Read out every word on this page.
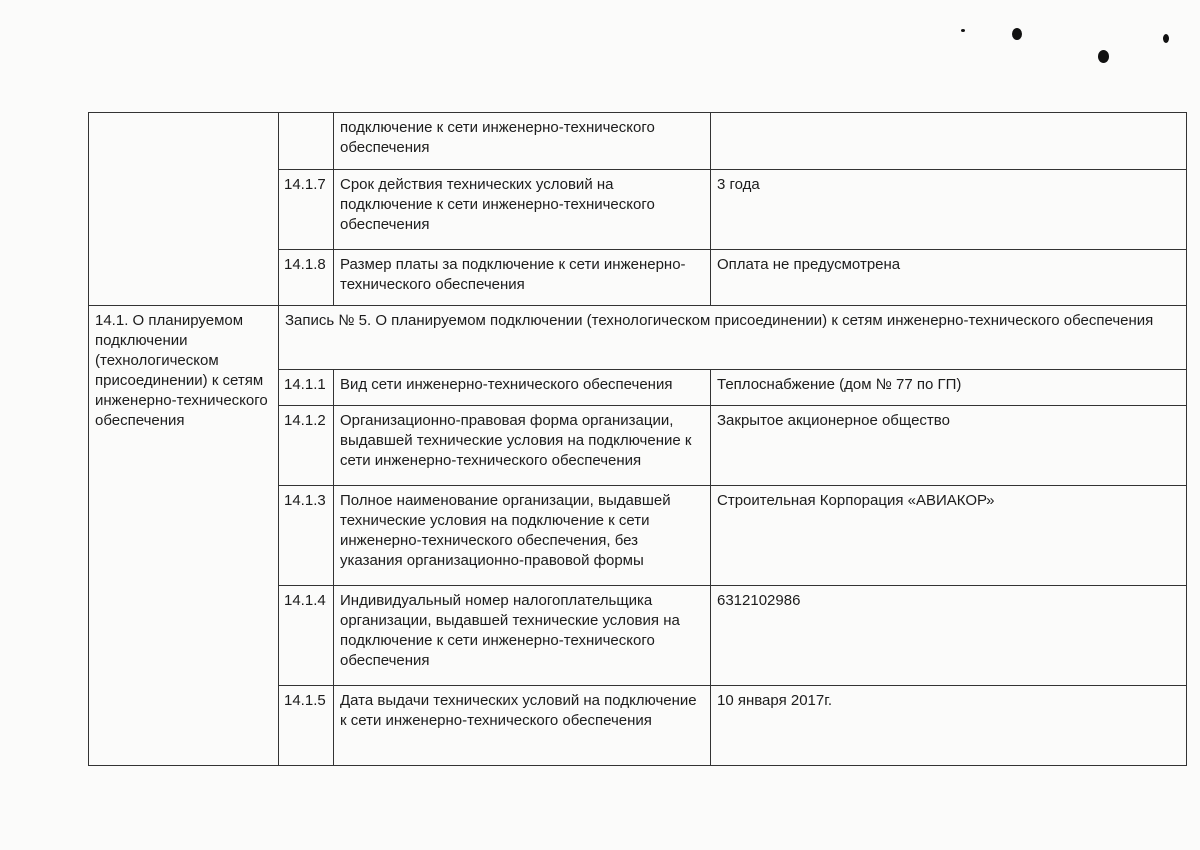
		подключение к сети инженерно-технического обеспечения	
	14.1.7	Срок действия технических условий на подключение к сети инженерно-технического обеспечения	3 года
	14.1.8	Размер платы за подключение к сети инженерно-технического обеспечения	Оплата не предусмотрена
14.1. О планируемом подключении (технологическом присоединении) к сетям инженерно-технического обеспечения	Запись № 5. О планируемом подключении (технологическом присоединении) к сетям инженерно-технического обеспечения		
	14.1.1	Вид сети инженерно-технического обеспечения	Теплоснабжение (дом № 77 по ГП)
	14.1.2	Организационно-правовая форма организации, выдавшей технические условия на подключение к сети инженерно-технического обеспечения	Закрытое акционерное общество
	14.1.3	Полное наименование организации, выдавшей технические условия на подключение к сети инженерно-технического обеспечения, без указания организационно-правовой формы	Строительная Корпорация «АВИАКОР»
	14.1.4	Индивидуальный номер налогоплательщика организации, выдавшей технические условия на подключение к сети инженерно-технического обеспечения	6312102986
	14.1.5	Дата выдачи технических условий на подключение к сети инженерно-технического обеспечения	10 января 2017г.
